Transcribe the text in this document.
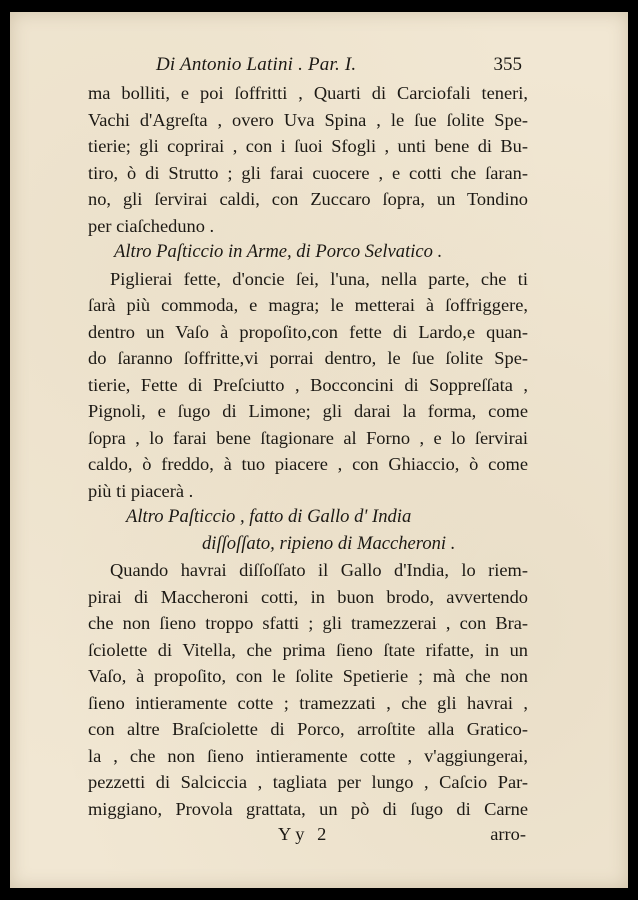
Di Antonio Latini . Par. I.	355
ma bolliti, e poi ſoffritti , Quarti di Carciofali teneri,
Vachi d'Agreſta , overo Uva Spina , le ſue ſolite Spe-
tierie; gli coprirai , con i ſuoi Sfogli , unti bene di Bu-
tiro, ò di Strutto ; gli farai cuocere , e cotti che ſaran-
no, gli ſervirai caldi, con Zuccaro ſopra, un Tondino
per ciaſcheduno .
Altro Paſticcio in Arme, di Porco Selvatico .
Piglierai fette, d'oncie ſei, l'una, nella parte, che ti
ſarà più commoda, e magra; le metterai à ſoffriggere,
dentro un Vaſo à propoſito,con fette di Lardo,e quan-
do ſaranno ſoffritte,vi porrai dentro, le ſue ſolite Spe-
tierie, Fette di Preſciutto , Bocconcini di Soppreſſata ,
Pignoli, e ſugo di Limone; gli darai la forma, come
ſopra , lo farai bene ſtagionare al Forno , e lo ſervirai
caldo, ò freddo, à tuo piacere , con Ghiaccio, ò come
più ti piacerà .
Altro Paſticcio , fatto di Gallo d' India
diſſoſſato, ripieno di Maccheroni .
Quando havrai diſſoſſato il Gallo d'India, lo riem-
pirai di Maccheroni cotti, in buon brodo, avvertendo
che non ſieno troppo sfatti ; gli tramezzerai , con Bra-
ſciolette di Vitella, che prima ſieno ſtate rifatte, in un
Vaſo, à propoſito, con le ſolite Spetierie ; mà che non
ſieno intieramente cotte ; tramezzati , che gli havrai ,
con altre Braſciolette di Porco, arroſtite alla Gratico-
la , che non ſieno intieramente cotte , v'aggiungerai,
pezzetti di Salciccia , tagliata per lungo , Caſcio Par-
miggiano, Provola grattata, un pò di ſugo di Carne
Yy 2	arro-
